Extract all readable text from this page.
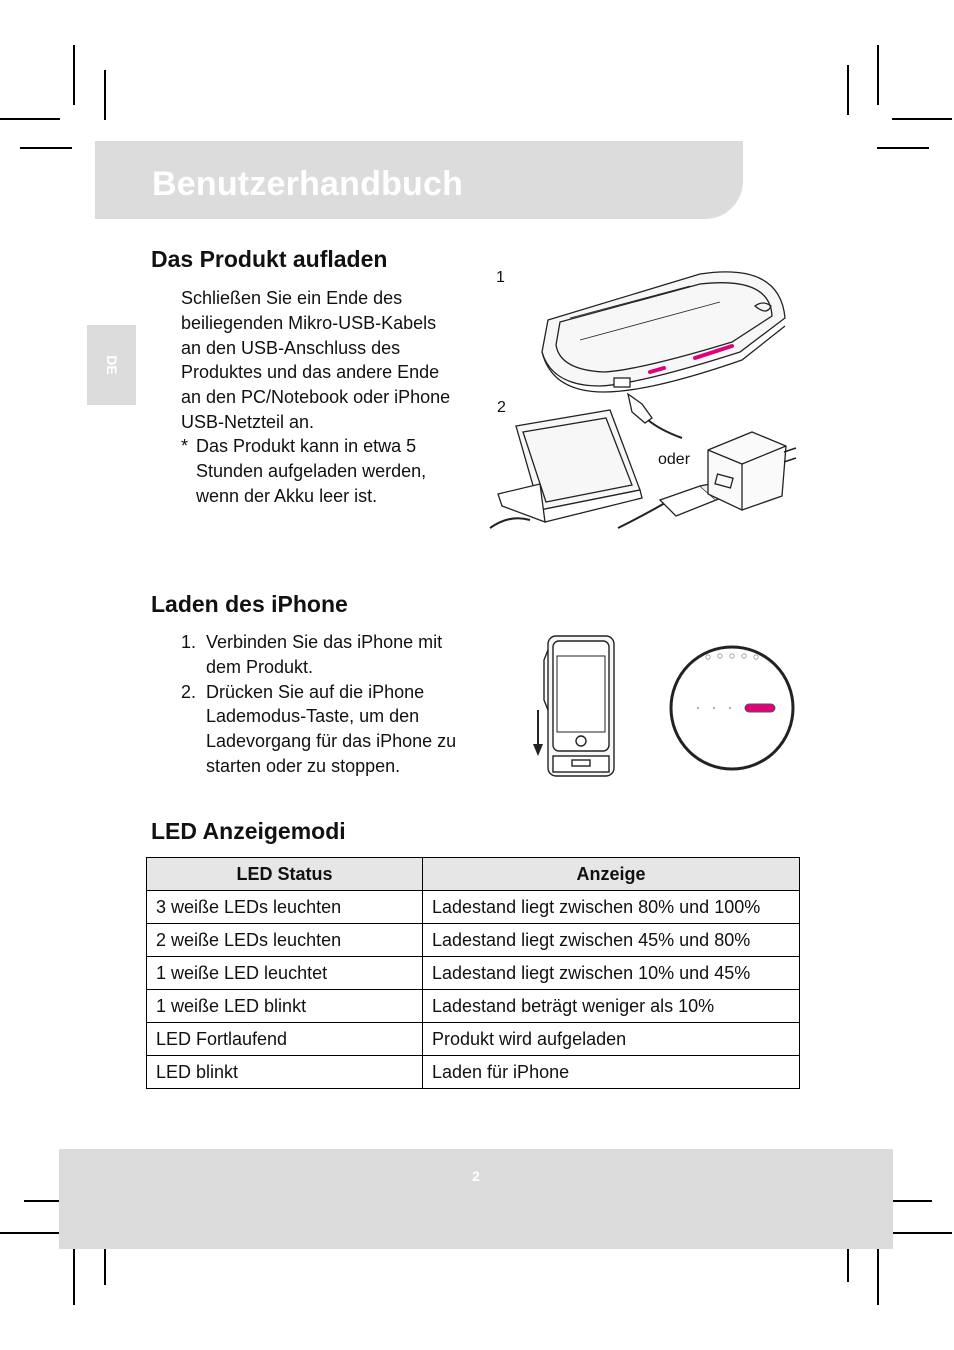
Benutzerhandbuch
DE
Das Produkt aufladen
Schließen Sie ein Ende des
beiliegenden Mikro-USB-Kabels
an den USB-Anschluss des
Produktes und das andere Ende
an den PC/Notebook oder iPhone
USB-Netzteil an.
* Das Produkt kann in etwa 5
Stunden aufgeladen werden,
wenn der Akku leer ist.
1
2
oder
Laden des iPhone
1. Verbinden Sie das iPhone mit
dem Produkt.
2. Drücken Sie auf die iPhone
Lademodus-Taste, um den
Ladevorgang für das iPhone zu
starten oder zu stoppen.
LED Anzeigemodi
LED Status	Anzeige
3 weiße LEDs leuchten	Ladestand liegt zwischen 80% und 100%
2 weiße LEDs leuchten	Ladestand liegt zwischen 45% und 80%
1 weiße LED leuchtet	Ladestand liegt zwischen 10% und 45%
1 weiße LED blinkt	Ladestand beträgt weniger als 10%
LED Fortlaufend	Produkt wird aufgeladen
LED blinkt	Laden für iPhone
2
